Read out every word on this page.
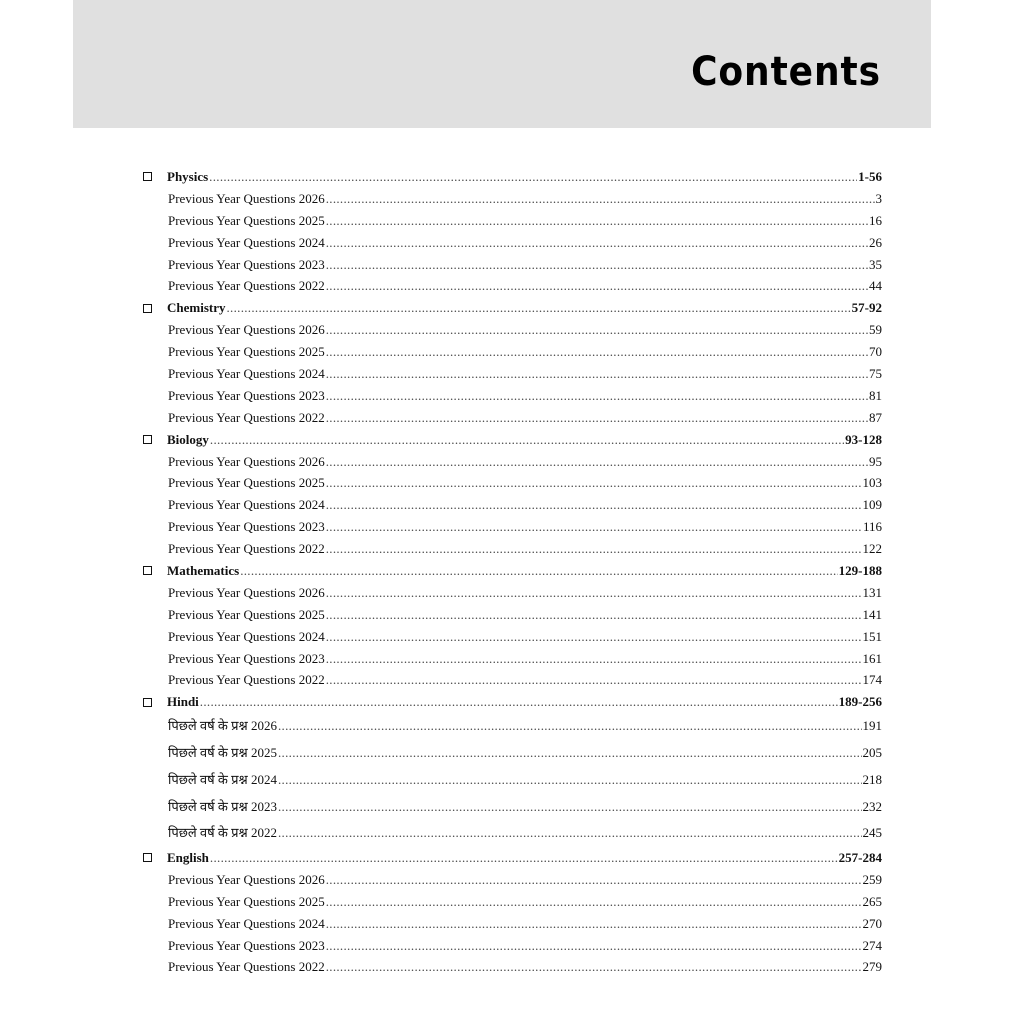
Contents
Physics .....	1-56
Previous Year Questions 2026 .....	3
Previous Year Questions 2025 .....	16
Previous Year Questions 2024 .....	26
Previous Year Questions 2023 .....	35
Previous Year Questions 2022 .....	44
Chemistry .....	57-92
Previous Year Questions 2026 .....	59
Previous Year Questions 2025 .....	70
Previous Year Questions 2024 .....	75
Previous Year Questions 2023 .....	81
Previous Year Questions 2022 .....	87
Biology .....	93-128
Previous Year Questions 2026 .....	95
Previous Year Questions 2025 .....	103
Previous Year Questions 2024 .....	109
Previous Year Questions 2023 .....	116
Previous Year Questions 2022 .....	122
Mathematics .....	129-188
Previous Year Questions 2026 .....	131
Previous Year Questions 2025 .....	141
Previous Year Questions 2024 .....	151
Previous Year Questions 2023 .....	161
Previous Year Questions 2022 .....	174
Hindi .....	189-256
पिछले वर्ष के प्रश्न 2026 .....	191
पिछले वर्ष के प्रश्न 2025 .....	205
पिछले वर्ष के प्रश्न 2024 .....	218
पिछले वर्ष के प्रश्न 2023 .....	232
पिछले वर्ष के प्रश्न 2022 .....	245
English .....	257-284
Previous Year Questions 2026 .....	259
Previous Year Questions 2025 .....	265
Previous Year Questions 2024 .....	270
Previous Year Questions 2023 .....	274
Previous Year Questions 2022 .....	279
